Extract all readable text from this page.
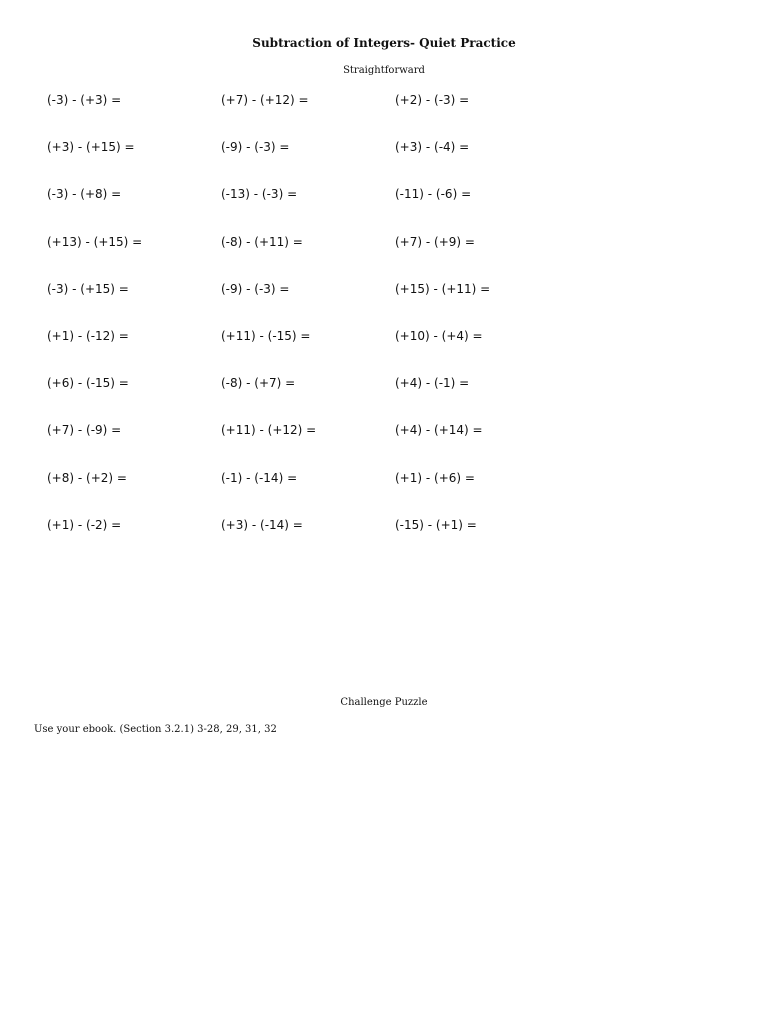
Subtraction of Integers- Quiet Practice
Straightforward
(-3) - (+3) =	(+7) - (+12) =	(+2) - (-3) =
(+3) - (+15) =	(-9) - (-3) =	(+3) - (-4) =
(-3) - (+8) =	(-13) - (-3) =	(-11) - (-6) =
(+13) - (+15) =	(-8) - (+11) =	(+7) - (+9) =
(-3) - (+15) =	(-9) - (-3) =	(+15) - (+11) =
(+1) - (-12) =	(+11) - (-15) =	(+10) - (+4) =
(+6) - (-15) =	(-8) - (+7) =	(+4) - (-1) =
(+7) - (-9) =	(+11) - (+12) =	(+4) - (+14) =
(+8) - (+2) =	(-1) - (-14) =	(+1) - (+6) =
(+1) - (-2) =	(+3) - (-14) =	(-15) - (+1) =
Challenge Puzzle
Use your ebook. (Section 3.2.1) 3-28, 29, 31, 32
